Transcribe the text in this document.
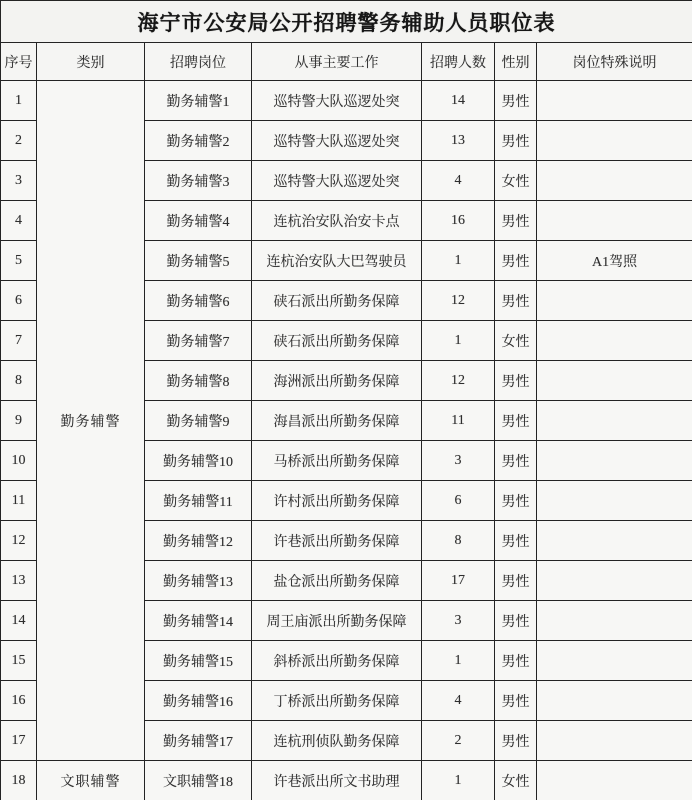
海宁市公安局公开招聘警务辅助人员职位表						
序号	类别	招聘岗位	从事主要工作	招聘人数	性别	岗位特殊说明
1	勤务辅警	勤务辅警1	巡特警大队巡逻处突	14	男性	
2		勤务辅警2	巡特警大队巡逻处突	13	男性	
3		勤务辅警3	巡特警大队巡逻处突	4	女性	
4		勤务辅警4	连杭治安队治安卡点	16	男性	
5		勤务辅警5	连杭治安队大巴驾驶员	1	男性	A1驾照
6		勤务辅警6	硖石派出所勤务保障	12	男性	
7		勤务辅警7	硖石派出所勤务保障	1	女性	
8		勤务辅警8	海洲派出所勤务保障	12	男性	
9		勤务辅警9	海昌派出所勤务保障	11	男性	
10		勤务辅警10	马桥派出所勤务保障	3	男性	
11		勤务辅警11	许村派出所勤务保障	6	男性	
12		勤务辅警12	许巷派出所勤务保障	8	男性	
13		勤务辅警13	盐仓派出所勤务保障	17	男性	
14		勤务辅警14	周王庙派出所勤务保障	3	男性	
15		勤务辅警15	斜桥派出所勤务保障	1	男性	
16		勤务辅警16	丁桥派出所勤务保障	4	男性	
17		勤务辅警17	连杭刑侦队勤务保障	2	男性	
18	文职辅警	文职辅警18	许巷派出所文书助理	1	女性	
